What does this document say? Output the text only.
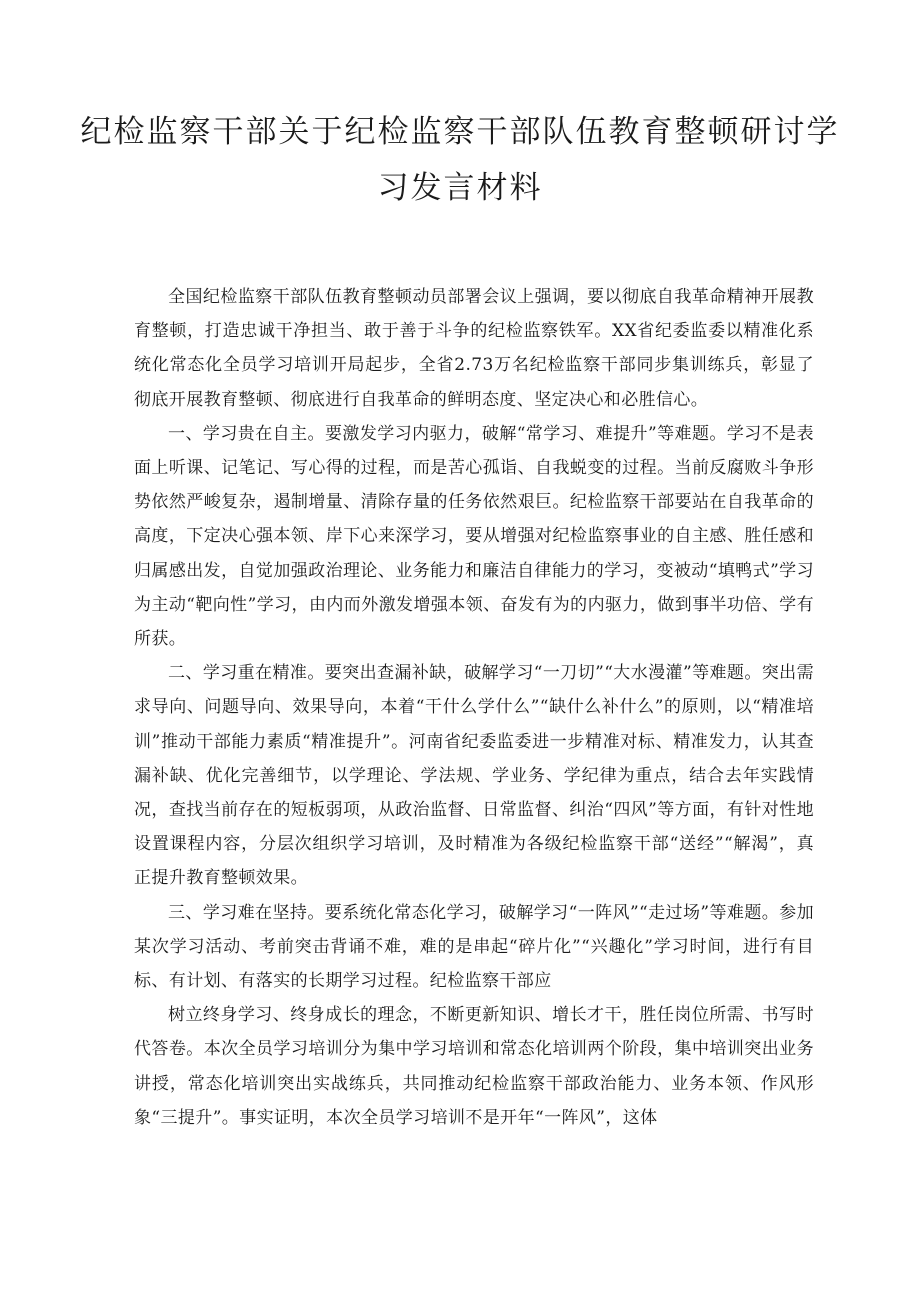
纪检监察干部关于纪检监察干部队伍教育整顿研讨学习发言材料

全国纪检监察干部队伍教育整顿动员部署会议上强调，要以彻底自我革命精神开展教育整顿，打造忠诚干净担当、敢于善于斗争的纪检监察铁军。XX省纪委监委以精准化系统化常态化全员学习培训开局起步，全省2.73万名纪检监察干部同步集训练兵，彰显了彻底开展教育整顿、彻底进行自我革命的鲜明态度、坚定决心和必胜信心。

一、学习贵在自主。要激发学习内驱力，破解“常学习、难提升”等难题。学习不是表面上听课、记笔记、写心得的过程，而是苦心孤诣、自我蜕变的过程。当前反腐败斗争形势依然严峻复杂，遏制增量、清除存量的任务依然艰巨。纪检监察干部要站在自我革命的高度，下定决心强本领、岸下心来深学习，要从增强对纪检监察事业的自主感、胜任感和归属感出发，自觉加强政治理论、业务能力和廉洁自律能力的学习，变被动“填鸭式”学习为主动“靶向性”学习，由内而外激发增强本领、奋发有为的内驱力，做到事半功倍、学有所获。

二、学习重在精准。要突出查漏补缺，破解学习“一刀切”“大水漫灌”等难题。突出需求导向、问题导向、效果导向，本着“干什么学什么”“缺什么补什么”的原则，以“精准培训”推动干部能力素质“精准提升”。河南省纪委监委进一步精准对标、精准发力，认其查漏补缺、优化完善细节，以学理论、学法规、学业务、学纪律为重点，结合去年实践情况，查找当前存在的短板弱项，从政治监督、日常监督、纠治“四风”等方面，有针对性地设置课程内容，分层次组织学习培训，及时精准为各级纪检监察干部“送经”“解渴”，真正提升教育整顿效果。

三、学习难在坚持。要系统化常态化学习，破解学习“一阵风”“走过场”等难题。参加某次学习活动、考前突击背诵不难，难的是串起“碎片化”“兴趣化”学习时间，进行有目标、有计划、有落实的长期学习过程。纪检监察干部应

树立终身学习、终身成长的理念，不断更新知识、增长才干，胜任岗位所需、书写时代答卷。本次全员学习培训分为集中学习培训和常态化培训两个阶段，集中培训突出业务讲授，常态化培训突出实战练兵，共同推动纪检监察干部政治能力、业务本领、作风形象“三提升”。事实证明，本次全员学习培训不是开年“一阵风”，这体
